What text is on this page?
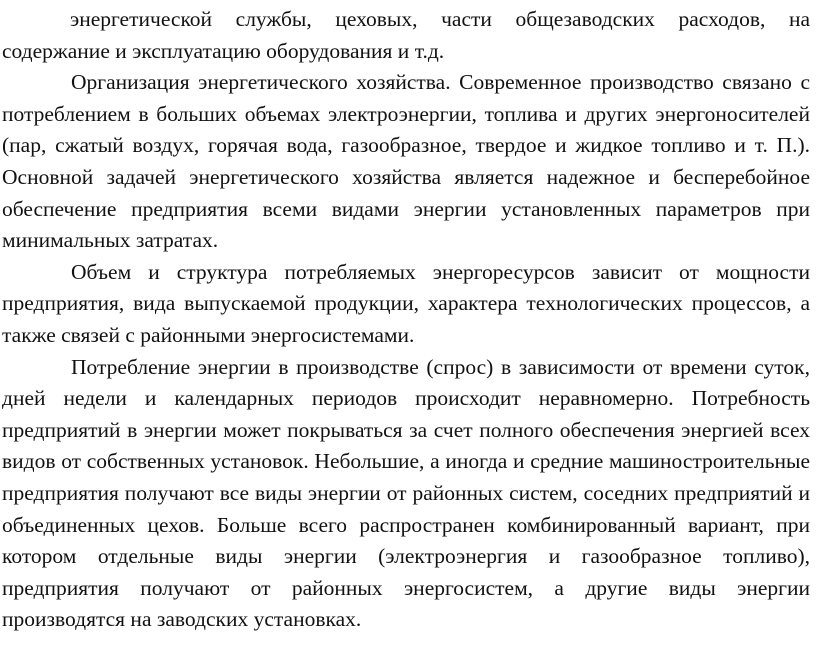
энергетической службы, цеховых, части общезаводских расходов, на содержание и эксплуатацию оборудования и т.д.

Организация энергетического хозяйства. Современное производство связано с потреблением в больших объемах электроэнергии, топлива и других энергоносителей (пар, сжатый воздух, горячая вода, газообразное, твердое и жидкое топливо и т. П.). Основной задачей энергетического хозяйства является надежное и бесперебойное обеспечение предприятия всеми видами энергии установленных параметров при минимальных затратах.

Объем и структура потребляемых энергоресурсов зависит от мощности предприятия, вида выпускаемой продукции, характера технологических процессов, а также связей с районными энергосистемами.

Потребление энергии в производстве (спрос) в зависимости от времени суток, дней недели и календарных периодов происходит неравномерно. Потребность предприятий в энергии может покрываться за счет полного обеспечения энергией всех видов от собственных установок. Небольшие, а иногда и средние машиностроительные предприятия получают все виды энергии от районных систем, соседних предприятий и объединенных цехов. Больше всего распространен комбинированный вариант, при котором отдельные виды энергии (электроэнергия и газообразное топливо), предприятия получают от районных энергосистем, а другие виды энергии производятся на заводских установках.
